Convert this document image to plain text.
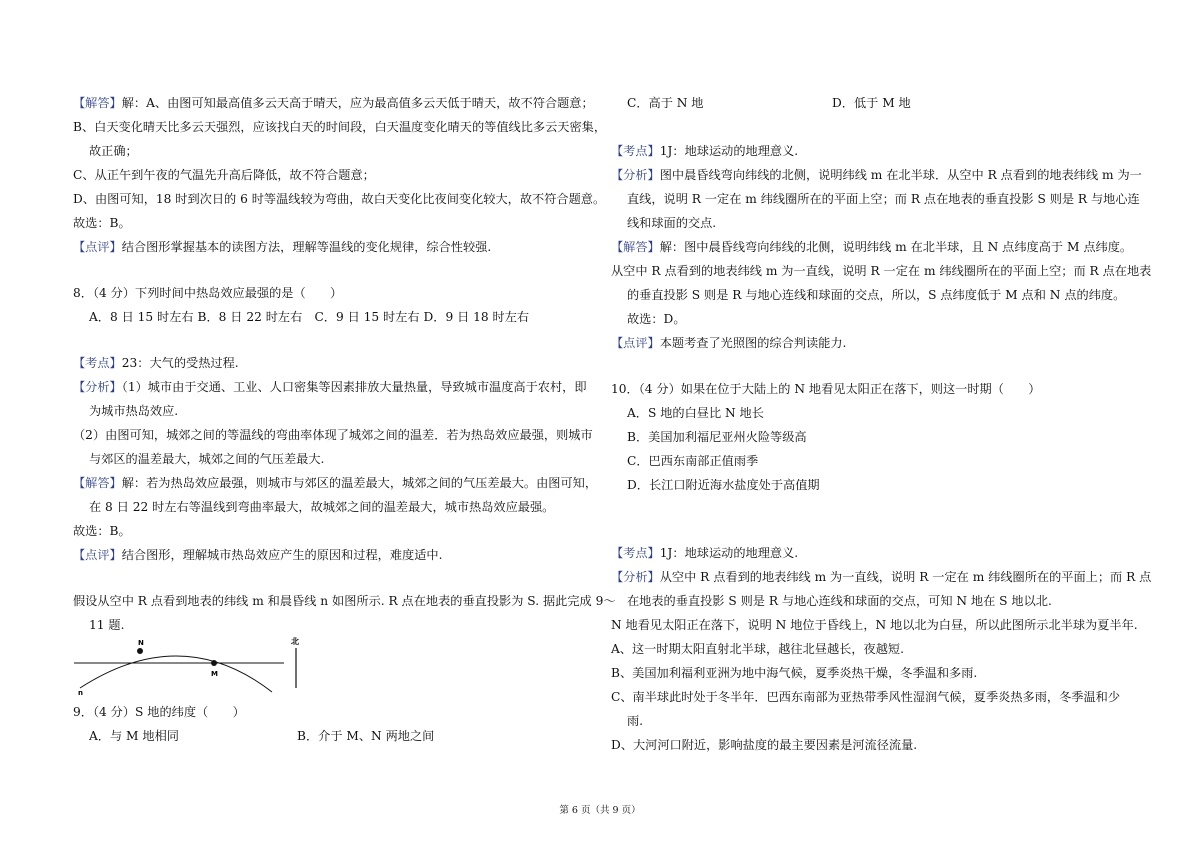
【解答】解：A、由图可知最高值多云天高于晴天，应为最高值多云天低于晴天，故不符合题意；
B、白天变化晴天比多云天强烈，应该找白天的时间段，白天温度变化晴天的等值线比多云天密集，
故正确；
C、从正午到午夜的气温先升高后降低，故不符合题意；
D、由图可知，18 时到次日的 6 时等温线较为弯曲，故白天变化比夜间变化较大，故不符合题意。
故选：B。
【点评】结合图形掌握基本的读图方法，理解等温线的变化规律，综合性较强.
8．（4 分）下列时间中热岛效应最强的是（　　）
A．8 日 15 时左右 B．8 日 22 时左右　C．9 日 15 时左右 D．9 日 18 时左右
【考点】23：大气的受热过程.
【分析】（1）城市由于交通、工业、人口密集等因素排放大量热量，导致城市温度高于农村，即
为城市热岛效应.
（2）由图可知，城郊之间的等温线的弯曲率体现了城郊之间的温差．若为热岛效应最强，则城市
与郊区的温差最大，城郊之间的气压差最大.
【解答】解：若为热岛效应最强，则城市与郊区的温差最大，城郊之间的气压差最大。由图可知，
在 8 日 22 时左右等温线到弯曲率最大，故城郊之间的温差最大，城市热岛效应最强。
故选：B。
【点评】结合图形，理解城市热岛效应产生的原因和过程，难度适中.
假设从空中 R 点看到地表的纬线 m 和晨昏线 n 如图所示. R 点在地表的垂直投影为 S. 据此完成 9～
11 题.
N
M
n
北
9．（4 分）S 地的纬度（　　）
A．与 M 地相同	B．介于 M、N 两地之间
C．高于 N 地	D．低于 M 地
【考点】1J：地球运动的地理意义.
【分析】图中晨昏线弯向纬线的北侧，说明纬线 m 在北半球．从空中 R 点看到的地表纬线 m 为一
直线，说明 R 一定在 m 纬线圈所在的平面上空；而 R 点在地表的垂直投影 S 则是 R 与地心连
线和球面的交点.
【解答】解：图中晨昏线弯向纬线的北侧，说明纬线 m 在北半球，且 N 点纬度高于 M 点纬度。
从空中 R 点看到的地表纬线 m 为一直线，说明 R 一定在 m 纬线圈所在的平面上空；而 R 点在地表
的垂直投影 S 则是 R 与地心连线和球面的交点，所以，S 点纬度低于 M 点和 N 点的纬度。
故选：D。
【点评】本题考查了光照图的综合判读能力.
10．（4 分）如果在位于大陆上的 N 地看见太阳正在落下，则这一时期（　　）
A．S 地的白昼比 N 地长
B．美国加利福尼亚州火险等级高
C．巴西东南部正值雨季
D．长江口附近海水盐度处于高值期
【考点】1J：地球运动的地理意义.
【分析】从空中 R 点看到的地表纬线 m 为一直线，说明 R 一定在 m 纬线圈所在的平面上；而 R 点
在地表的垂直投影 S 则是 R 与地心连线和球面的交点，可知 N 地在 S 地以北.
N 地看见太阳正在落下，说明 N 地位于昏线上，N 地以北为白昼，所以此图所示北半球为夏半年.
A、这一时期太阳直射北半球，越往北昼越长，夜越短.
B、美国加利福利亚洲为地中海气候，夏季炎热干燥，冬季温和多雨.
C、南半球此时处于冬半年．巴西东南部为亚热带季风性湿润气候，夏季炎热多雨，冬季温和少
雨.
D、大河河口附近，影响盐度的最主要因素是河流径流量.
第 6 页（共 9 页）
